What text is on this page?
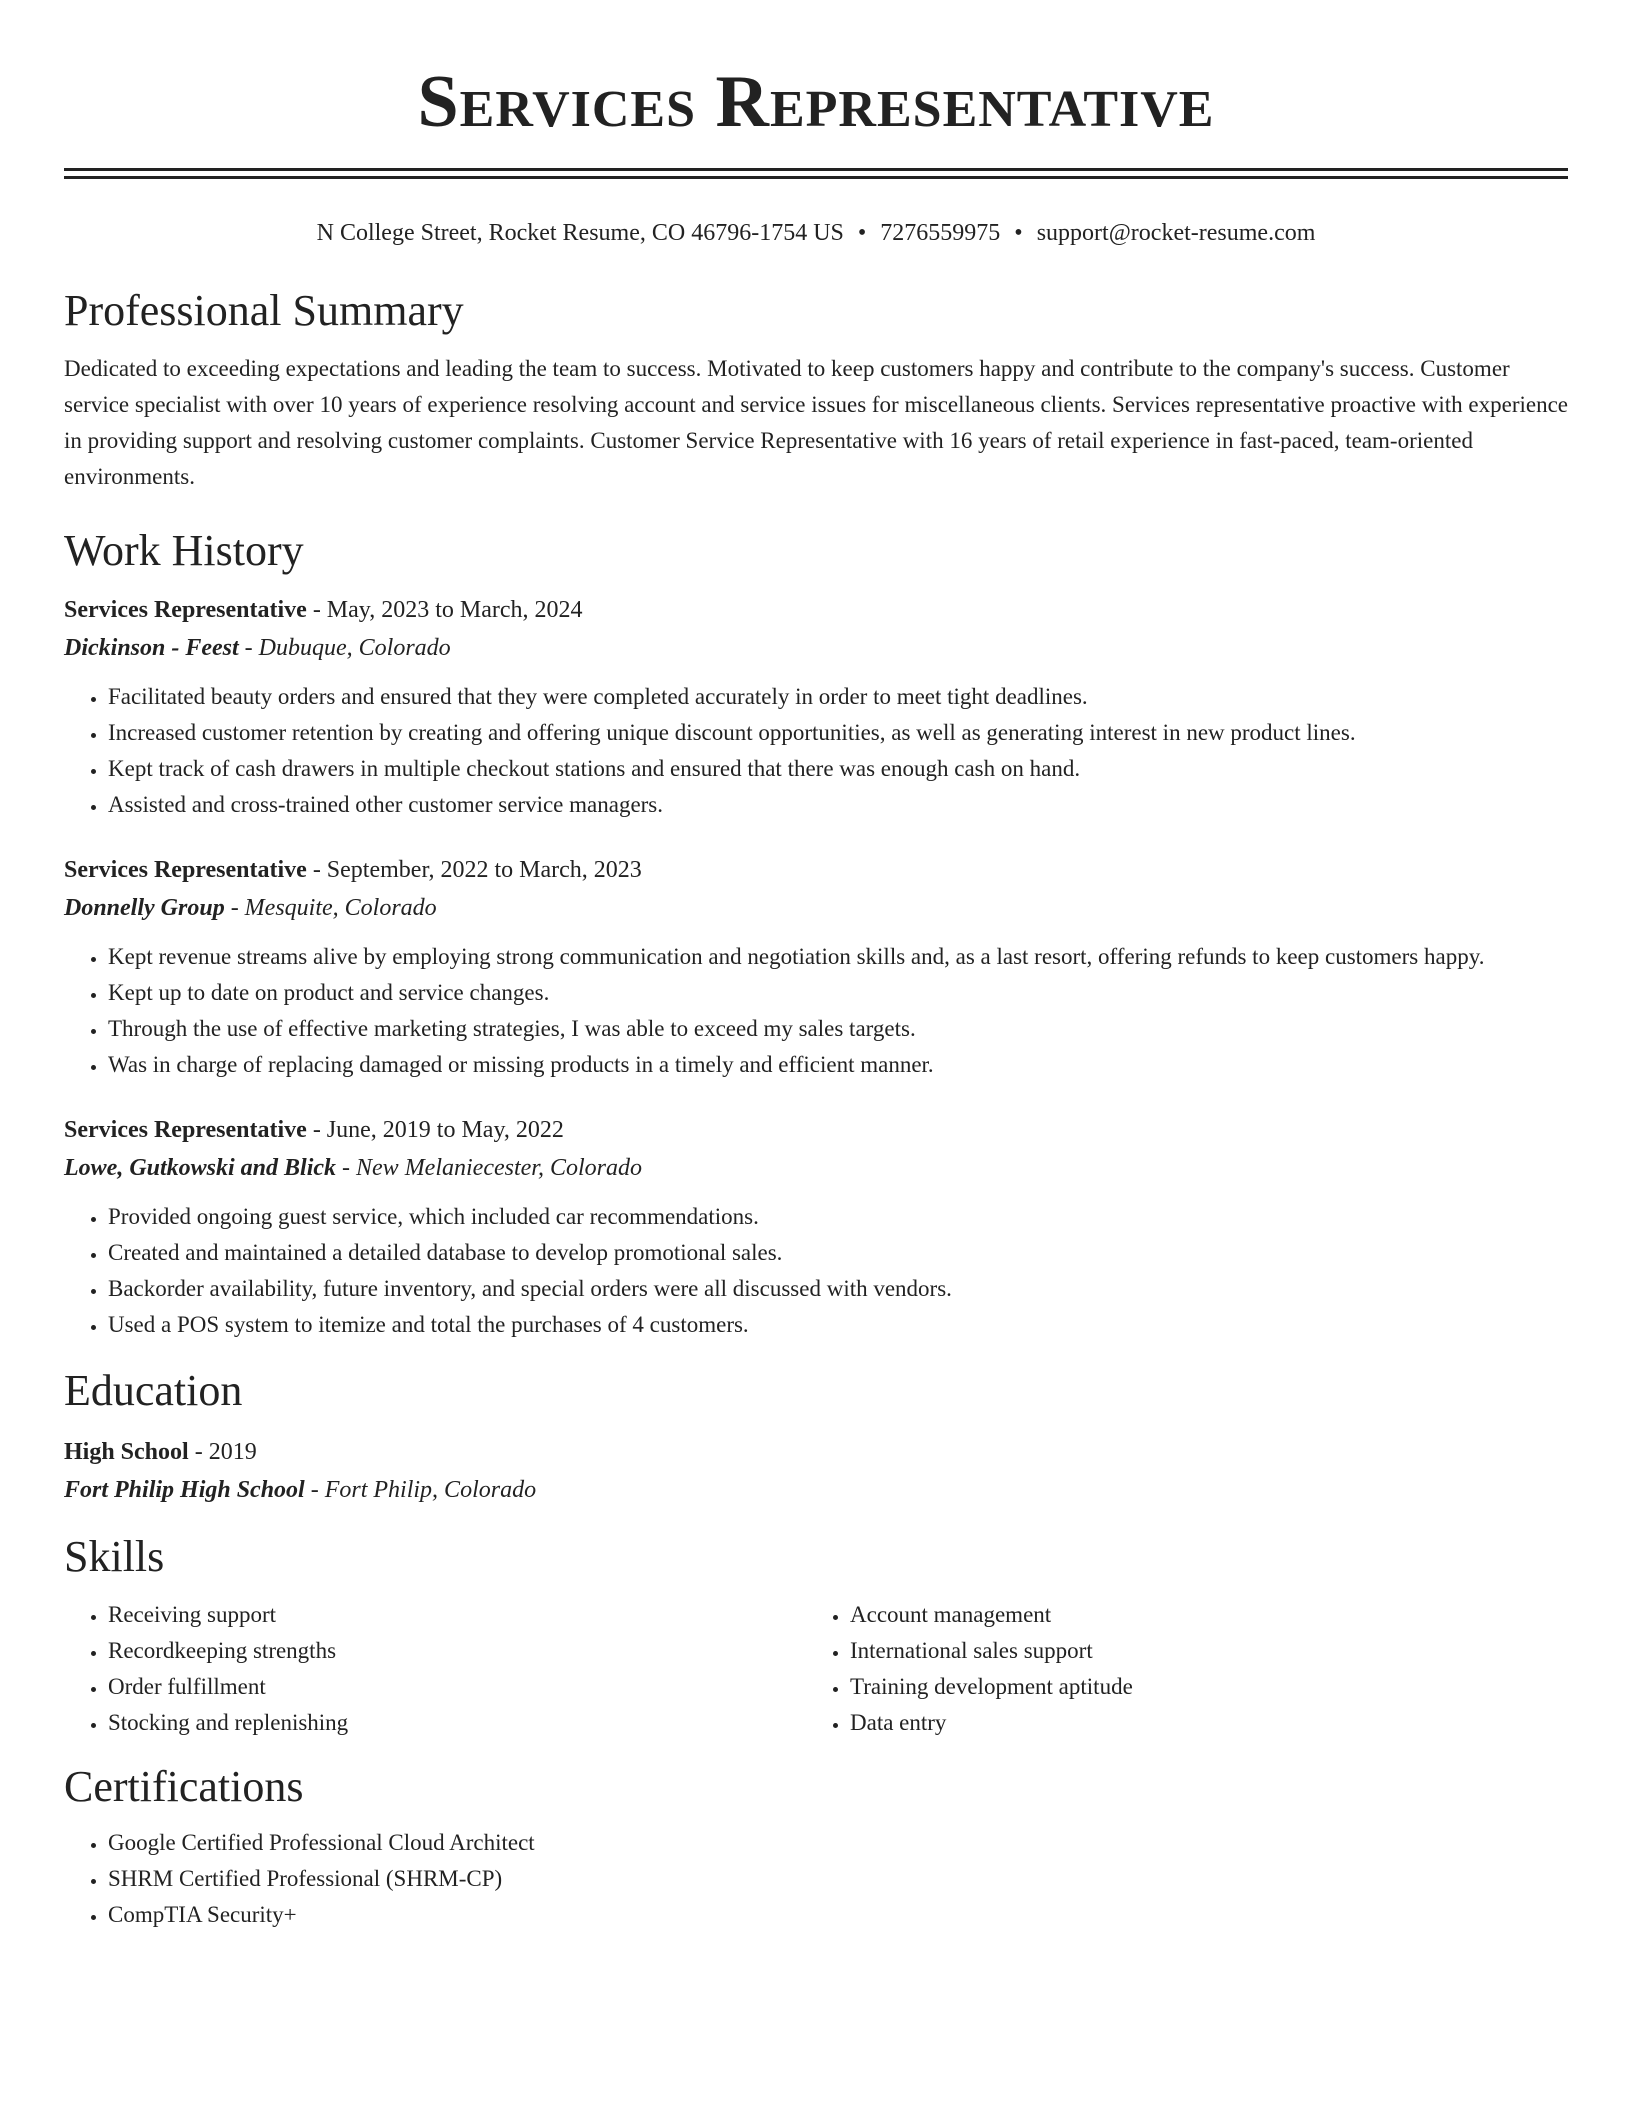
Services Representative
N College Street, Rocket Resume, CO 46796-1754 US • 7276559975 • support@rocket-resume.com
Professional Summary
Dedicated to exceeding expectations and leading the team to success. Motivated to keep customers happy and contribute to the company's success. Customer service specialist with over 10 years of experience resolving account and service issues for miscellaneous clients. Services representative proactive with experience in providing support and resolving customer complaints. Customer Service Representative with 16 years of retail experience in fast-paced, team-oriented environments.
Work History
Services Representative - May, 2023 to March, 2024
Dickinson - Feest - Dubuque, Colorado
• Facilitated beauty orders and ensured that they were completed accurately in order to meet tight deadlines.
• Increased customer retention by creating and offering unique discount opportunities, as well as generating interest in new product lines.
• Kept track of cash drawers in multiple checkout stations and ensured that there was enough cash on hand.
• Assisted and cross-trained other customer service managers.
Services Representative - September, 2022 to March, 2023
Donnelly Group - Mesquite, Colorado
• Kept revenue streams alive by employing strong communication and negotiation skills and, as a last resort, offering refunds to keep customers happy.
• Kept up to date on product and service changes.
• Through the use of effective marketing strategies, I was able to exceed my sales targets.
• Was in charge of replacing damaged or missing products in a timely and efficient manner.
Services Representative - June, 2019 to May, 2022
Lowe, Gutkowski and Blick - New Melaniecester, Colorado
• Provided ongoing guest service, which included car recommendations.
• Created and maintained a detailed database to develop promotional sales.
• Backorder availability, future inventory, and special orders were all discussed with vendors.
• Used a POS system to itemize and total the purchases of 4 customers.
Education
High School - 2019
Fort Philip High School - Fort Philip, Colorado
Skills
• Receiving support
• Recordkeeping strengths
• Order fulfillment
• Stocking and replenishing
• Account management
• International sales support
• Training development aptitude
• Data entry
Certifications
• Google Certified Professional Cloud Architect
• SHRM Certified Professional (SHRM-CP)
• CompTIA Security+
